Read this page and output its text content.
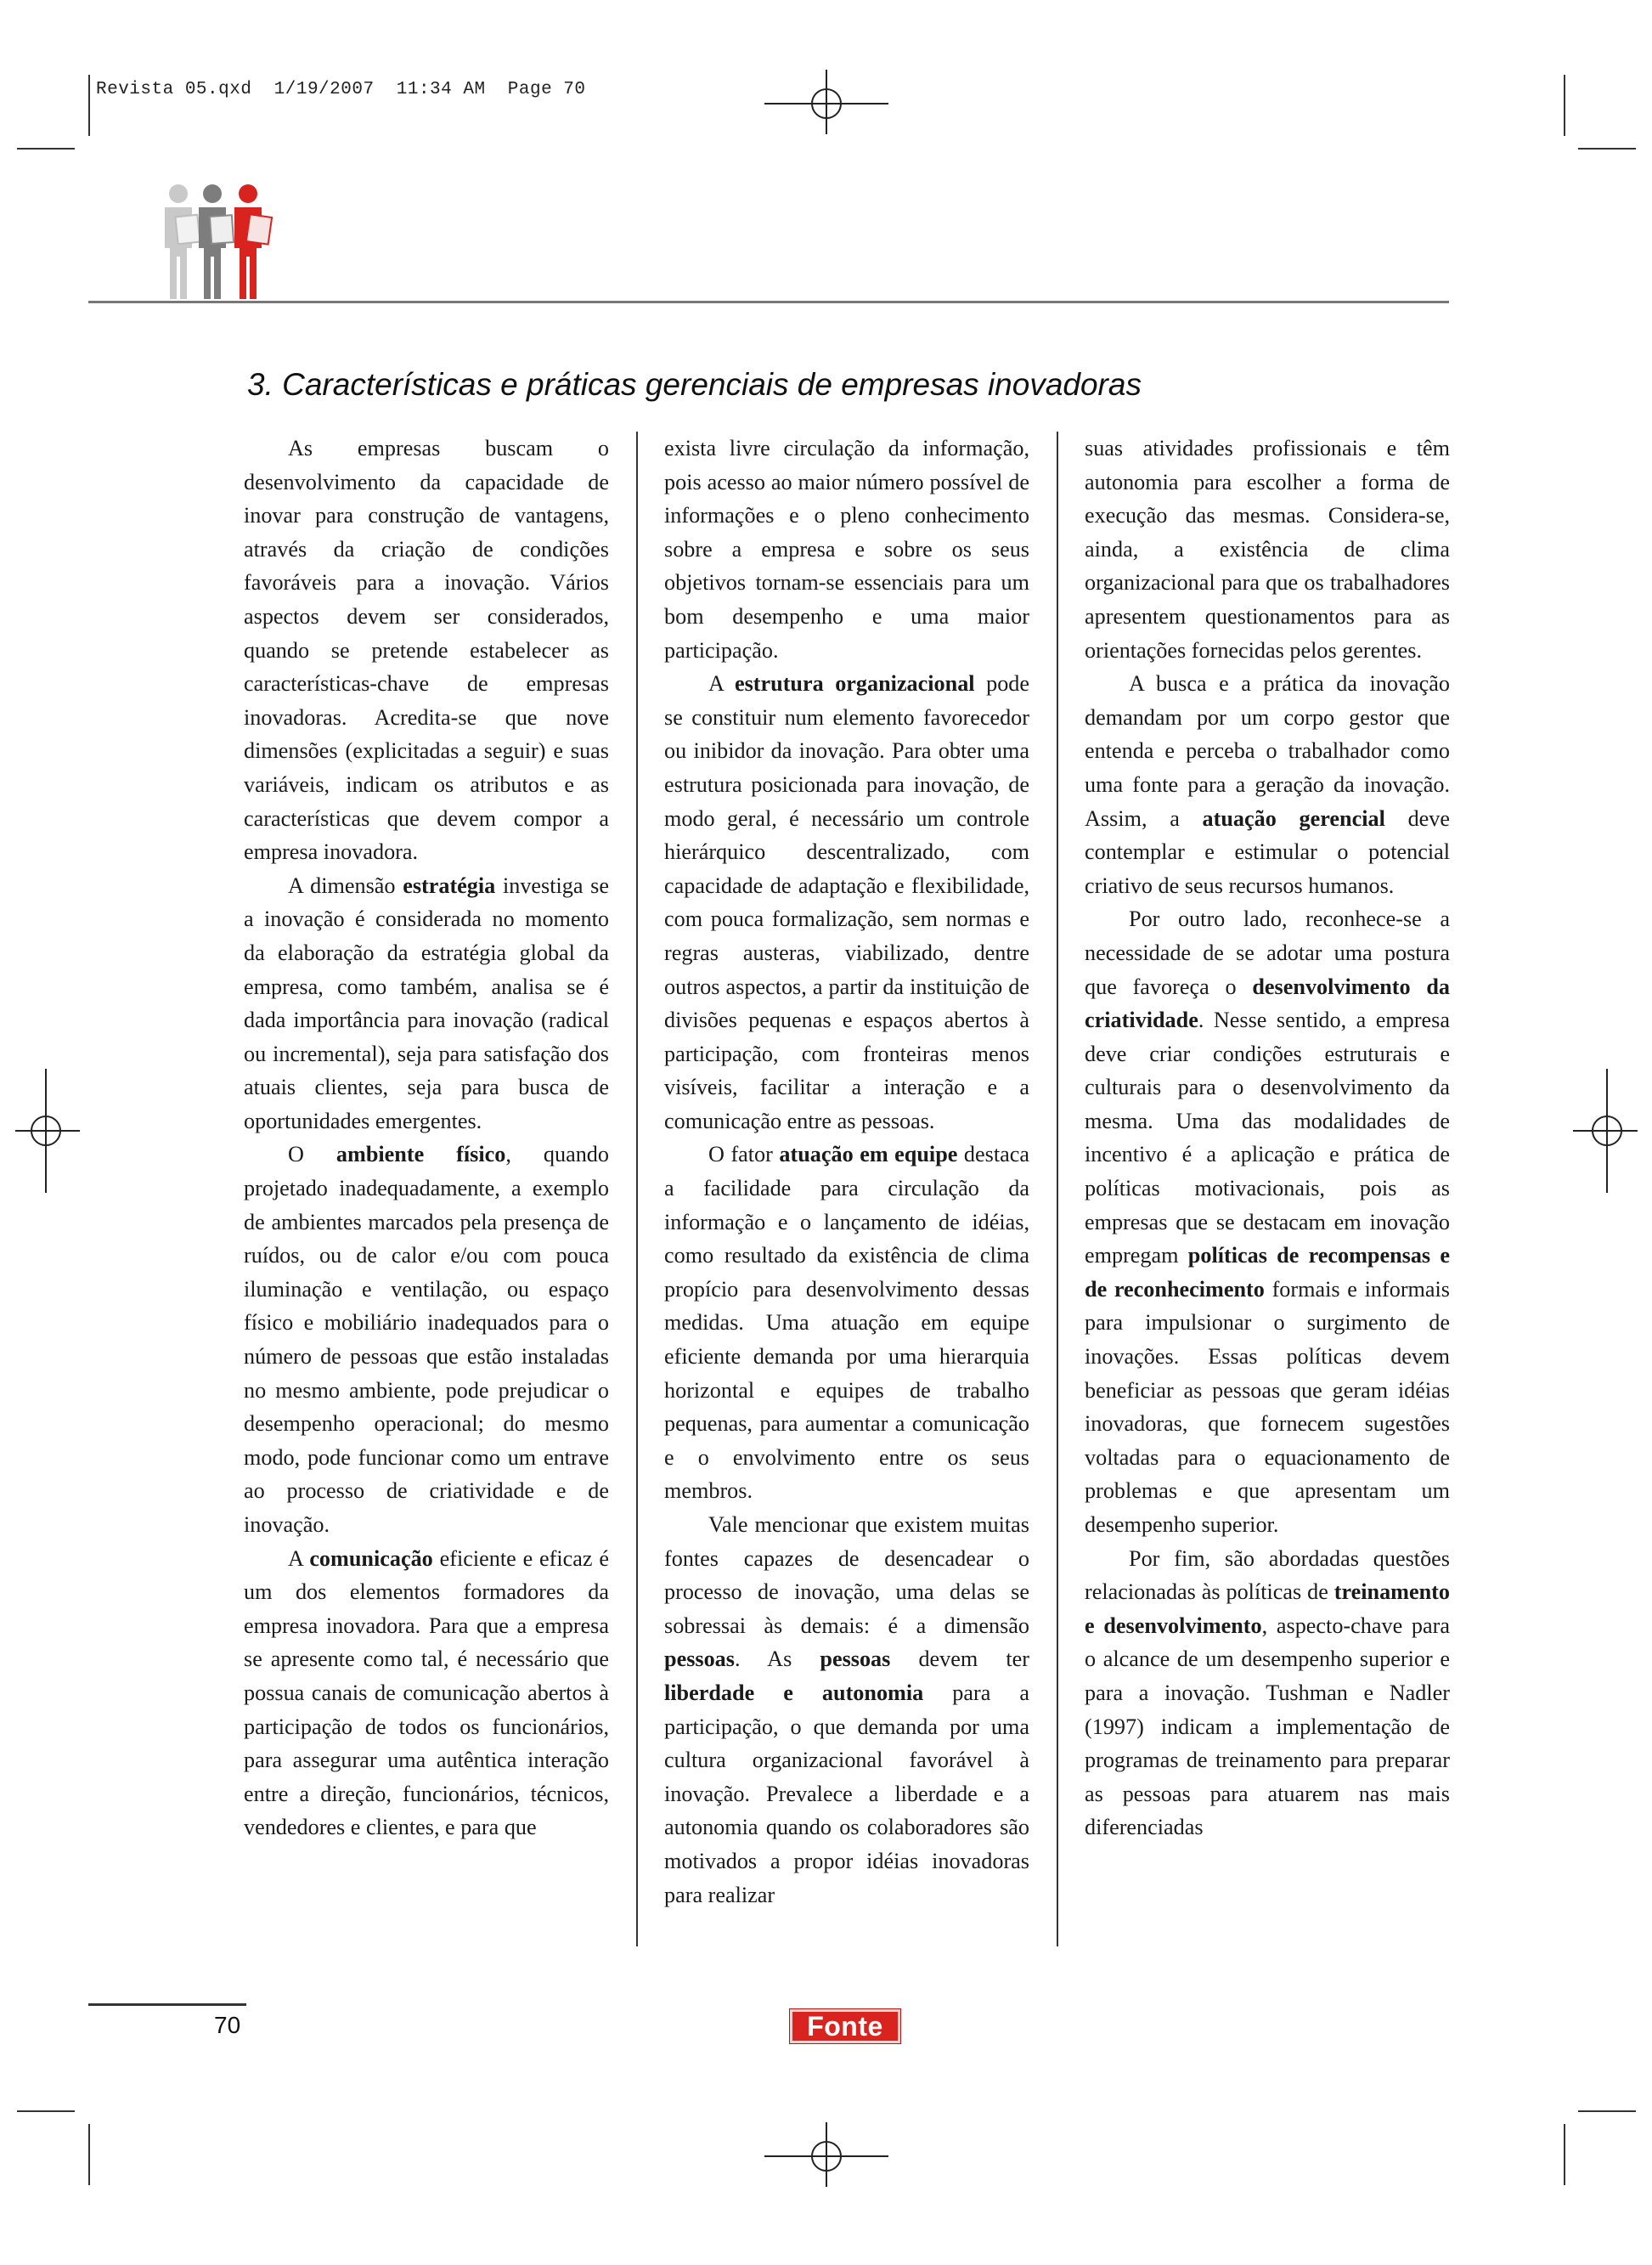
Revista 05.qxd  1/19/2007  11:34 AM  Page 70
3. Características e práticas gerenciais de empresas inovadoras

As empresas buscam o desenvolvimento da capacidade de inovar para construção de vantagens, através da criação de condições favoráveis para a inovação. Vários aspectos devem ser considerados, quando se pretende estabelecer as características-chave de empresas inovadoras. Acredita-se que nove dimensões (explicitadas a seguir) e suas variáveis, indicam os atributos e as características que devem compor a empresa inovadora.

A dimensão estratégia investiga se a inovação é considerada no momento da elaboração da estratégia global da empresa, como também, analisa se é dada importância para inovação (radical ou incremental), seja para satisfação dos atuais clientes, seja para busca de oportunidades emergentes.

O ambiente físico, quando projetado inadequadamente, a exemplo de ambientes marcados pela presença de ruídos, ou de calor e/ou com pouca iluminação e ventilação, ou espaço físico e mobiliário inadequados para o número de pessoas que estão instaladas no mesmo ambiente, pode prejudicar o desempenho operacional; do mesmo modo, pode funcionar como um entrave ao processo de criatividade e de inovação.

A comunicação eficiente e eficaz é um dos elementos formadores da empresa inovadora. Para que a empresa se apresente como tal, é necessário que possua canais de comunicação abertos à participação de todos os funcionários, para assegurar uma autêntica interação entre a direção, funcionários, técnicos, vendedores e clientes, e para que

exista livre circulação da informação, pois acesso ao maior número possível de informações e o pleno conhecimento sobre a empresa e sobre os seus objetivos tornam-se essenciais para um bom desempenho e uma maior participação.

A estrutura organizacional pode se constituir num elemento favorecedor ou inibidor da inovação. Para obter uma estrutura posicionada para inovação, de modo geral, é necessário um controle hierárquico descentralizado, com capacidade de adaptação e flexibilidade, com pouca formalização, sem normas e regras austeras, viabilizado, dentre outros aspectos, a partir da instituição de divisões pequenas e espaços abertos à participação, com fronteiras menos visíveis, facilitar a interação e a comunicação entre as pessoas.

O fator atuação em equipe destaca a facilidade para circulação da informação e o lançamento de idéias, como resultado da existência de clima propício para desenvolvimento dessas medidas. Uma atuação em equipe eficiente demanda por uma hierarquia horizontal e equipes de trabalho pequenas, para aumentar a comunicação e o envolvimento entre os seus membros.

Vale mencionar que existem muitas fontes capazes de desencadear o processo de inovação, uma delas se sobressai às demais: é a dimensão pessoas. As pessoas devem ter liberdade e autonomia para a participação, o que demanda por uma cultura organizacional favorável à inovação. Prevalece a liberdade e a autonomia quando os colaboradores são motivados a propor idéias inovadoras para realizar

suas atividades profissionais e têm autonomia para escolher a forma de execução das mesmas. Considera-se, ainda, a existência de clima organizacional para que os trabalhadores apresentem questionamentos para as orientações fornecidas pelos gerentes.

A busca e a prática da inovação demandam por um corpo gestor que entenda e perceba o trabalhador como uma fonte para a geração da inovação. Assim, a atuação gerencial deve contemplar e estimular o potencial criativo de seus recursos humanos.

Por outro lado, reconhece-se a necessidade de se adotar uma postura que favoreça o desenvolvimento da criatividade. Nesse sentido, a empresa deve criar condições estruturais e culturais para o desenvolvimento da mesma. Uma das modalidades de incentivo é a aplicação e prática de políticas motivacionais, pois as empresas que se destacam em inovação empregam políticas de recompensas e de reconhecimento formais e informais para impulsionar o surgimento de inovações. Essas políticas devem beneficiar as pessoas que geram idéias inovadoras, que fornecem sugestões voltadas para o equacionamento de problemas e que apresentam um desempenho superior.

Por fim, são abordadas questões relacionadas às políticas de treinamento e desenvolvimento, aspecto-chave para o alcance de um desempenho superior e para a inovação. Tushman e Nadler (1997) indicam a implementação de programas de treinamento para preparar as pessoas para atuarem nas mais diferenciadas

70	Fonte
